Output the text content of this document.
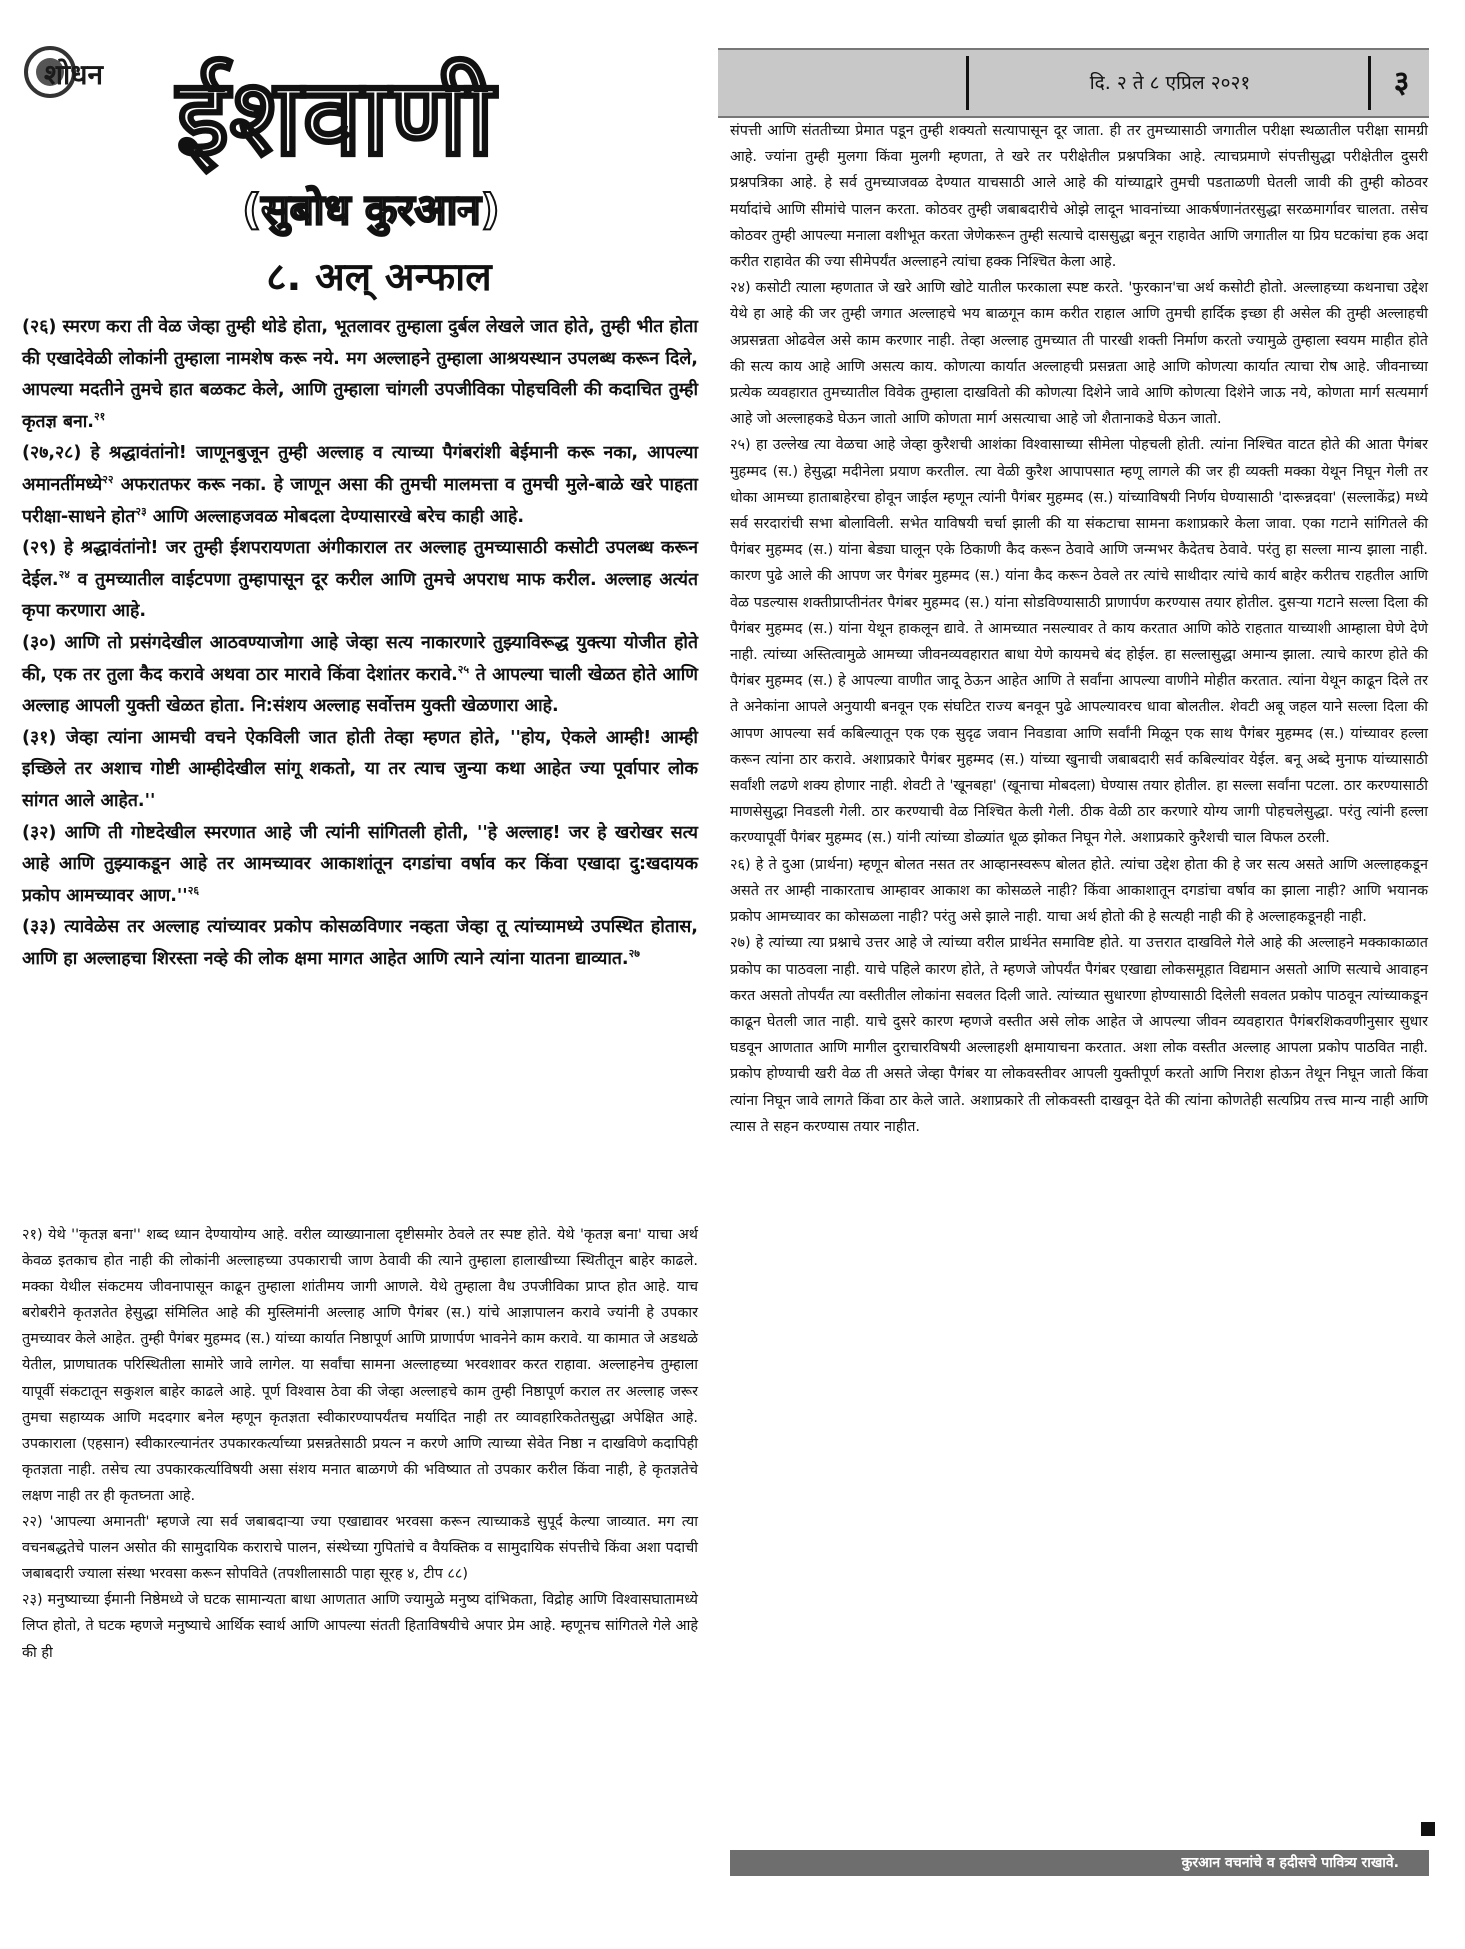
शोधन ईशवाणी
(सुबोध कुरआन)
८. अल् अन्फाल
दि. २ ते ८ एप्रिल २०२१	३

(२६) स्मरण करा ती वेळ जेव्हा तुम्ही थोडे होता, भूतलावर तुम्हाला दुर्बल लेखले जात होते, तुम्ही भीत होता की एखादेवेळी लोकांनी तुम्हाला नामशेष करू नये. मग अल्लाहने तुम्हाला आश्रयस्थान उपलब्ध करून दिले, आपल्या मदतीने तुमचे हात बळकट केले, आणि तुम्हाला चांगली उपजीविका पोहचविली की कदाचित तुम्ही कृतज्ञ बना.$^{२१}$

(२७,२८) हे श्रद्धावंतांनो! जाणूनबुजून तुम्ही अल्लाह व त्याच्या पैगंबरांशी बेईमानी करू नका, आपल्या अमानतींमध्ये$^{२२}$ अफरातफर करू नका. हे जाणून असा की तुमची मालमत्ता व तुमची मुले-बाळे खरे पाहता परीक्षा-साधने होत$^{२३}$ आणि अल्लाहजवळ मोबदला देण्यासारखे बरेच काही आहे.

(२९) हे श्रद्धावंतांनो! जर तुम्ही ईशपरायणता अंगीकाराल तर अल्लाह तुमच्यासाठी कसोटी उपलब्ध करून देईल.$^{२४}$ व तुमच्यातील वाईटपणा तुम्हापासून दूर करील आणि तुमचे अपराध माफ करील. अल्लाह अत्यंत कृपा करणारा आहे.

(३०) आणि तो प्रसंगदेखील आठवण्याजोगा आहे जेव्हा सत्य नाकारणारे तुझ्याविरूद्ध युक्त्या योजीत होते की, एक तर तुला कैद करावे अथवा ठार मारावे किंवा देशांतर करावे.$^{२५}$ ते आपल्या चाली खेळत होते आणि अल्लाह आपली युक्ती खेळत होता. नि:संशय अल्लाह सर्वोत्तम युक्ती खेळणारा आहे.

(३१) जेव्हा त्यांना आमची वचने ऐकविली जात होती तेव्हा म्हणत होते, ''होय, ऐकले आम्ही! आम्ही इच्छिले तर अशाच गोष्टी आम्हीदेखील सांगू शकतो, या तर त्याच जुन्या कथा आहेत ज्या पूर्वापार लोक सांगत आले आहेत.''

(३२) आणि ती गोष्टदेखील स्मरणात आहे जी त्यांनी सांगितली होती, ''हे अल्लाह! जर हे खरोखर सत्य आहे आणि तुझ्याकडून आहे तर आमच्यावर आकाशांतून दगडांचा वर्षाव कर किंवा एखादा दु:खदायक प्रकोप आमच्यावर $आण.''^{२६}$

(३३) त्यावेळेस तर अल्लाह त्यांच्यावर प्रकोप कोसळविणार नव्हता जेव्हा तू त्यांच्यामध्ये उपस्थित होतास, आणि हा अल्लाहचा शिरस्ता नव्हे की लोक क्षमा मागत आहेत आणि त्याने त्यांना यातना द्याव्यात.$^{२७}$

२१) येथे ''कृतज्ञ बना'' शब्द ध्यान देण्यायोग्य आहे. वरील व्याख्यानाला दृष्टीसमोर ठेवले तर स्पष्ट होते. येथे 'कृतज्ञ बना' याचा अर्थ केवळ इतकाच होत नाही की लोकांनी अल्लाहच्या उपकाराची जाण ठेवावी की त्याने तुम्हाला हालाखीच्या स्थितीतून बाहेर काढले. मक्का येथील संकटमय जीवनापासून काढून तुम्हाला शांतीमय जागी आणले. येथे तुम्हाला वैध उपजीविका प्राप्त होत आहे. याच बरोबरीने कृतज्ञतेत हेसुद्धा संमिलित आहे की मुस्लिमांनी अल्लाह आणि पैगंबर (स.) यांचे आज्ञापालन करावे ज्यांनी हे उपकार तुमच्यावर केले आहेत. तुम्ही पैगंबर मुहम्मद (स.) यांच्या कार्यात निष्ठापूर्ण आणि प्राणार्पण भावनेने काम करावे. या कामात जे अडथळे येतील, प्राणघातक परिस्थितीला सामोरे जावे लागेल. या सर्वांचा सामना अल्लाहच्या भरवशावर करत राहावा. अल्लाहनेच तुम्हाला यापूर्वी संकटातून सकुशल बाहेर काढले आहे. पूर्ण विश्वास ठेवा की जेव्हा अल्लाहचे काम तुम्ही निष्ठापूर्ण कराल तर अल्लाह जरूर तुमचा सहाय्यक आणि मददगार बनेल म्हणून कृतज्ञता स्वीकारण्यापर्यंतच मर्यादित नाही तर व्यावहारिकतेतसुद्धा अपेक्षित आहे. उपकाराला (एहसान) स्वीकारल्यानंतर उपकारकर्त्याच्या प्रसन्नतेसाठी प्रयत्न न करणे आणि त्याच्या सेवेत निष्ठा न दाखविणे कदापिही कृतज्ञता नाही. तसेच त्या उपकारकर्त्याविषयी असा संशय मनात बाळगणे की भविष्यात तो उपकार करील किंवा नाही, हे कृतज्ञतेचे लक्षण नाही तर ही कृतघ्नता आहे.

२२) 'आपल्या अमानती' म्हणजे त्या सर्व जबाबदाऱ्या ज्या एखाद्यावर भरवसा करून त्याच्याकडे सुपूर्द केल्या जाव्यात. मग त्या वचनबद्धतेचे पालन असोत की सामुदायिक कराराचे पालन, संस्थेच्या गुपितांचे व वैयक्तिक व सामुदायिक संपत्तीचे किंवा अशा पदाची जबाबदारी ज्याला संस्था भरवसा करून सोपविते (तपशीलासाठी पाहा सूरह ४, टीप ८८)

२३) मनुष्याच्या ईमानी निष्ठेमध्ये जे घटक सामान्यता बाधा आणतात आणि ज्यामुळे मनुष्य दांभिकता, विद्रोह आणि विश्वासघातामध्ये लिप्त होतो, ते घटक म्हणजे मनुष्याचे आर्थिक स्वार्थ आणि आपल्या संतती हिताविषयीचे अपार प्रेम आहे. म्हणूनच सांगितले गेले आहे की ही

संपत्ती आणि संततीच्या प्रेमात पडून तुम्ही शक्यतो सत्यापासून दूर जाता. ही तर तुमच्यासाठी जगातील परीक्षा स्थळातील परीक्षा सामग्री आहे. ज्यांना तुम्ही मुलगा किंवा मुलगी म्हणता, ते खरे तर परीक्षेतील प्रश्नपत्रिका आहे. त्याचप्रमाणे संपत्तीसुद्धा परीक्षेतील दुसरी प्रश्नपत्रिका आहे. हे सर्व तुमच्याजवळ देण्यात याचसाठी आले आहे की यांच्याद्वारे तुमची पडताळणी घेतली जावी की तुम्ही कोठवर मर्यादांचे आणि सीमांचे पालन करता. कोठवर तुम्ही जबाबदारीचे ओझे लादून भावनांच्या आकर्षणानंतरसुद्धा सरळमार्गावर चालता. तसेच कोठवर तुम्ही आपल्या मनाला वशीभूत करता जेणेकरून तुम्ही सत्याचे दाससुद्धा बनून राहावेत आणि जगातील या प्रिय घटकांचा हक अदा करीत राहावेत की ज्या सीमेपर्यंत अल्लाहने त्यांचा हक्क निश्चित केला आहे.

२४) कसोटी त्याला म्हणतात जे खरे आणि खोटे यातील फरकाला स्पष्ट करते. 'फुरकान'चा अर्थ कसोटी होतो. अल्लाहच्या कथनाचा उद्देश येथे हा आहे की जर तुम्ही जगात अल्लाहचे भय बाळगून काम करीत राहाल आणि तुमची हार्दिक इच्छा ही असेल की तुम्ही अल्लाहची अप्रसन्नता ओढवेल असे काम करणार नाही. तेव्हा अल्लाह तुमच्यात ती पारखी शक्ती निर्माण करतो ज्यामुळे तुम्हाला स्वयम माहीत होते की सत्य काय आहे आणि असत्य काय. कोणत्या कार्यात अल्लाहची प्रसन्नता आहे आणि कोणत्या कार्यात त्याचा रोष आहे. जीवनाच्या प्रत्येक व्यवहारात तुमच्यातील विवेक तुम्हाला दाखवितो की कोणत्या दिशेने जावे आणि कोणत्या दिशेने जाऊ नये, कोणता मार्ग सत्यमार्ग आहे जो अल्लाहकडे घेऊन जातो आणि कोणता मार्ग असत्याचा आहे जो शैतानाकडे घेऊन जातो.

२५) हा उल्लेख त्या वेळचा आहे जेव्हा कुरैशची आशंका विश्वासाच्या सीमेला पोहचली होती. त्यांना निश्चित वाटत होते की आता पैगंबर मुहम्मद (स.) हेसुद्धा मदीनेला प्रयाण करतील. त्या वेळी कुरैश आपापसात म्हणू लागले की जर ही व्यक्ती मक्का येथून निघून गेली तर धोका आमच्या हाताबाहेरचा होवून जाईल म्हणून त्यांनी पैगंबर मुहम्मद (स.) यांच्याविषयी निर्णय घेण्यासाठी 'दारून्नदवा' (सल्लाकेंद्र) मध्ये सर्व सरदारांची सभा बोलाविली. सभेत याविषयी चर्चा झाली की या संकटाचा सामना कशाप्रकारे केला जावा. एका गटाने सांगितले की पैगंबर मुहम्मद (स.) यांना बेड्या घालून एके ठिकाणी कैद करून ठेवावे आणि जन्मभर कैदेतच ठेवावे. परंतु हा सल्ला मान्य झाला नाही. कारण पुढे आले की आपण जर पैगंबर मुहम्मद (स.) यांना कैद करून ठेवले तर त्यांचे साथीदार त्यांचे कार्य बाहेर करीतच राहतील आणि वेळ पडल्यास शक्तीप्राप्तीनंतर पैगंबर मुहम्मद (स.) यांना सोडविण्यासाठी प्राणार्पण करण्यास तयार होतील. दुसऱ्या गटाने सल्ला दिला की पैगंबर मुहम्मद (स.) यांना येथून हाकलून द्यावे. ते आमच्यात नसल्यावर ते काय करतात आणि कोठे राहतात याच्याशी आम्हाला घेणे देणे नाही. त्यांच्या अस्तित्वामुळे आमच्या जीवनव्यवहारात बाधा येणे कायमचे बंद होईल. हा सल्लासुद्धा अमान्य झाला. त्याचे कारण होते की पैगंबर मुहम्मद (स.) हे आपल्या वाणीत जादू ठेऊन आहेत आणि ते सर्वांना आपल्या वाणीने मोहीत करतात. त्यांना येथून काढून दिले तर ते अनेकांना आपले अनुयायी बनवून एक संघटित राज्य बनवून पुढे आपल्यावरच धावा बोलतील. शेवटी अबू जहल याने सल्ला दिला की आपण आपल्या सर्व कबिल्यातून एक एक सुदृढ जवान निवडावा आणि सर्वांनी मिळून एक साथ पैगंबर मुहम्मद (स.) यांच्यावर हल्ला करून त्यांना ठार करावे. अशाप्रकारे पैगंबर मुहम्मद (स.) यांच्या खुनाची जबाबदारी सर्व कबिल्यांवर येईल. बनू अब्दे मुनाफ यांच्यासाठी सर्वांशी लढणे शक्य होणार नाही. शेवटी ते 'खूनबहा' (खूनाचा मोबदला) घेण्यास तयार होतील. हा सल्ला सर्वांना पटला. ठार करण्यासाठी माणसेसुद्धा निवडली गेली. ठार करण्याची वेळ निश्चित केली गेली. ठीक वेळी ठार करणारे योग्य जागी पोहचलेसुद्धा. परंतु त्यांनी हल्ला करण्यापूर्वी पैगंबर मुहम्मद (स.) यांनी त्यांच्या डोळ्यांत धूळ झोकत निघून गेले. अशाप्रकारे कुरैशची चाल विफल ठरली.

२६) हे ते दुआ (प्रार्थना) म्हणून बोलत नसत तर आव्हानस्वरूप बोलत होते. त्यांचा उद्देश होता की हे जर सत्य असते आणि अल्लाहकडून असते तर आम्ही नाकारताच आम्हावर आकाश का कोसळले नाही? किंवा आकाशातून दगडांचा वर्षाव का झाला नाही? आणि भयानक प्रकोप आमच्यावर का कोसळला नाही? परंतु असे झाले नाही. याचा अर्थ होतो की हे सत्यही नाही की हे अल्लाहकडूनही नाही.

२७) हे त्यांच्या त्या प्रश्नाचे उत्तर आहे जे त्यांच्या वरील प्रार्थनेत समाविष्ट होते. या उत्तरात दाखविले गेले आहे की अल्लाहने मक्काकाळात प्रकोप का पाठवला नाही. याचे पहिले कारण होते, ते म्हणजे जोपर्यंत पैगंबर एखाद्या लोकसमूहात विद्यमान असतो आणि सत्याचे आवाहन करत असतो तोपर्यंत त्या वस्तीतील लोकांना सवलत दिली जाते. त्यांच्यात सुधारणा होण्यासाठी दिलेली सवलत प्रकोप पाठवून त्यांच्याकडून काढून घेतली जात नाही. याचे दुसरे कारण म्हणजे वस्तीत असे लोक आहेत जे आपल्या जीवन व्यवहारात पैगंबरशिकवणीनुसार सुधार घडवून आणतात आणि मागील दुराचारविषयी अल्लाहशी क्षमायाचना करतात. अशा लोक वस्तीत अल्लाह आपला प्रकोप पाठवित नाही. प्रकोप होण्याची खरी वेळ ती असते जेव्हा पैगंबर या लोकवस्तीवर आपली युक्तीपूर्ण करतो आणि निराश होऊन तेथून निघून जातो किंवा त्यांना निघून जावे लागते किंवा ठार केले जाते. अशाप्रकारे ती लोकवस्ती दाखवून देते की त्यांना कोणतेही सत्यप्रिय तत्त्व मान्य नाही आणि त्यास ते सहन करण्यास तयार नाहीत.

कुरआन वचनांचे व हदीसचे पावित्र्य राखावे.
